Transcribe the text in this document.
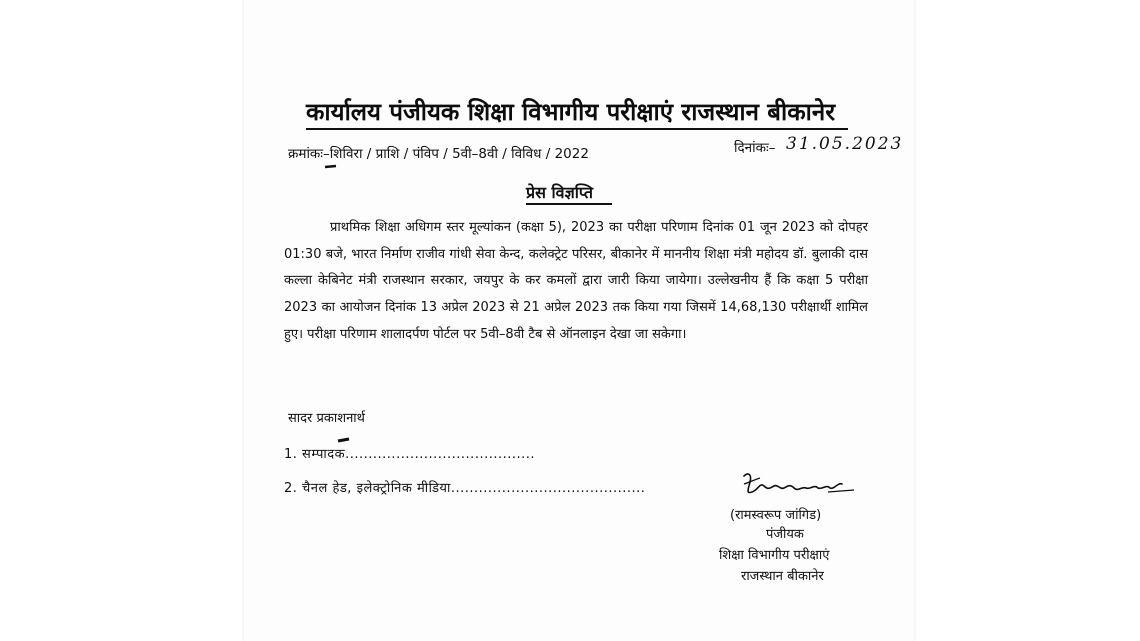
कार्यालय पंजीयक शिक्षा विभागीय परीक्षाएं राजस्थान बीकानेर
क्रमांकः–शिविरा / प्राशि / पंविप / 5वी–8वी / विविध / 2022	दिनांकः– 31.05.2023
प्रेस विज्ञप्ति
प्राथमिक शिक्षा अधिगम स्तर मूल्यांकन (कक्षा 5), 2023 का परीक्षा परिणाम दिनांक 01 जून 2023 को दोपहर 01:30 बजे, भारत निर्माण राजीव गांधी सेवा केन्द, कलेक्ट्रेट परिसर, बीकानेर में माननीय शिक्षा मंत्री महोदय डॉ. बुलाकी दास कल्ला केबिनेट मंत्री राजस्थान सरकार, जयपुर के कर कमलों द्वारा जारी किया जायेगा। उल्लेखनीय हैं कि कक्षा 5 परीक्षा 2023 का आयोजन दिनांक 13 अप्रेल 2023 से 21 अप्रेल 2023 तक किया गया जिसमें 14,68,130 परीक्षार्थी शामिल हुए। परीक्षा परिणाम शालादर्पण पोर्टल पर 5वी–8वी टैब से ऑनलाइन देखा जा सकेगा।
सादर प्रकाशनार्थ
1. सम्पादक.........................................
2. चैनल हेड, इलेक्ट्रोनिक मीडिया..........................................
(रामस्वरूप जांगिड)
पंजीयक
शिक्षा विभागीय परीक्षाएं
राजस्थान बीकानेर
